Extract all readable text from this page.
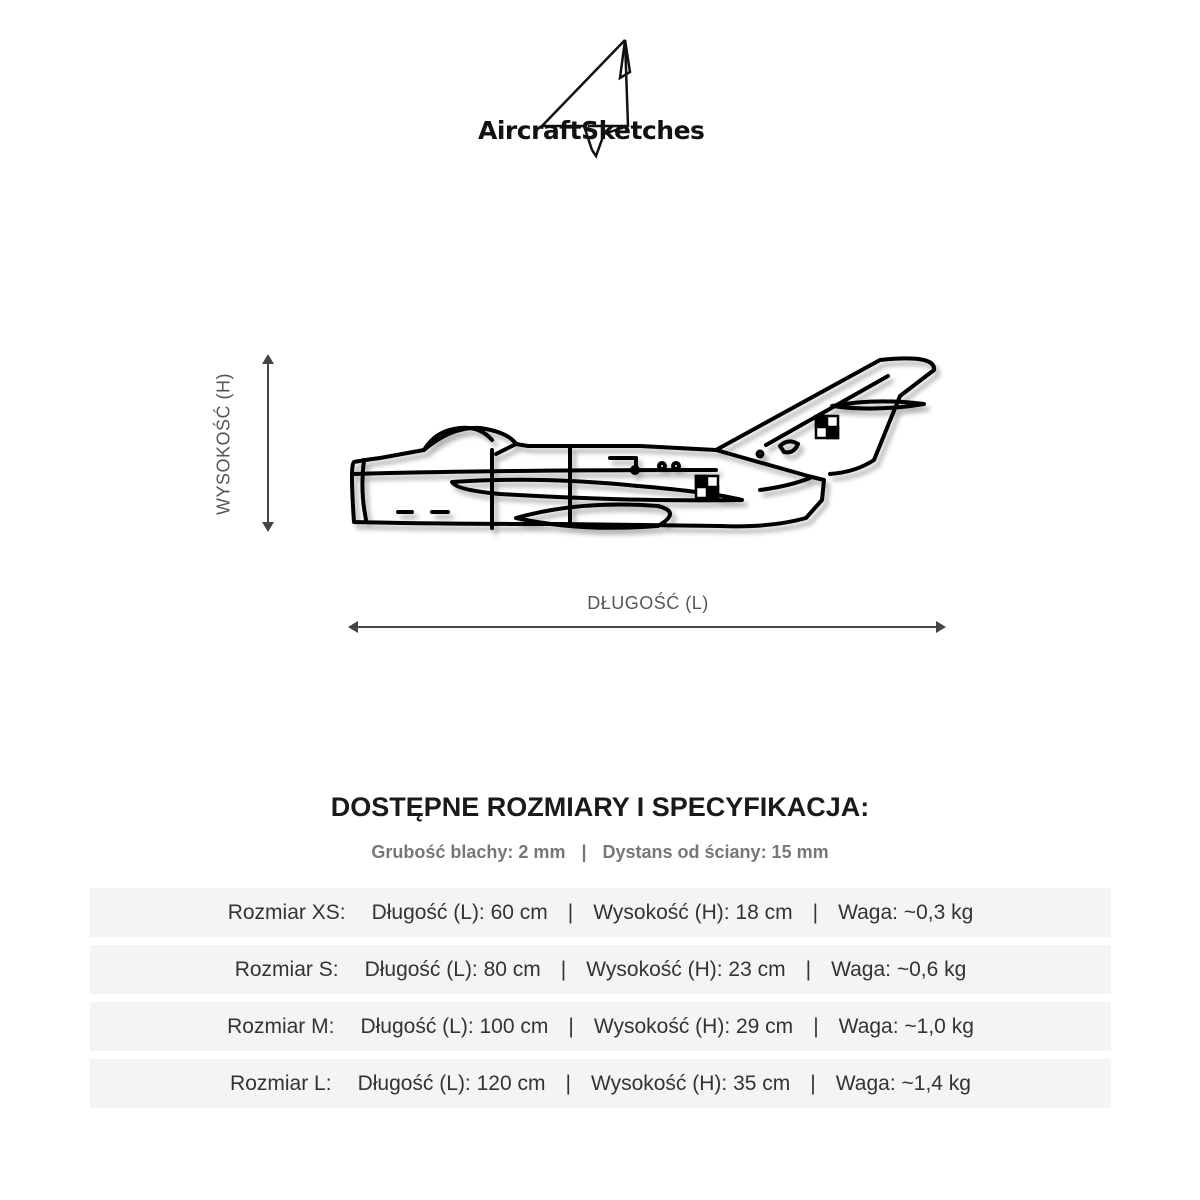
AircraftSketches
WYSOKOŚĆ (H)
DŁUGOŚĆ (L)
DOSTĘPNE ROZMIARY I SPECYFIKACJA:
Grubość blachy: 2 mm | Dystans od ściany: 15 mm
Rozmiar XS: Długość (L): 60 cm | Wysokość (H): 18 cm | Waga: ~0,3 kg
Rozmiar S: Długość (L): 80 cm | Wysokość (H): 23 cm | Waga: ~0,6 kg
Rozmiar M: Długość (L): 100 cm | Wysokość (H): 29 cm | Waga: ~1,0 kg
Rozmiar L: Długość (L): 120 cm | Wysokość (H): 35 cm | Waga: ~1,4 kg
